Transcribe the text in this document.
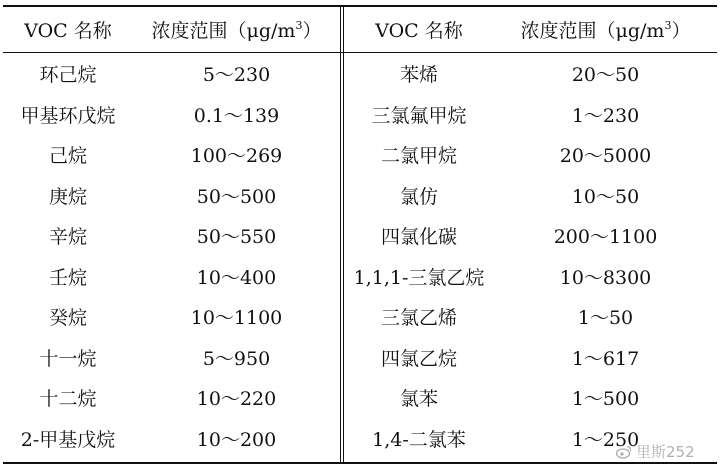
VOC 名称	浓度范围$(\mu g/m^3)$	VOC 名称	浓度范围$(\mu g/m^3)$
环己烷	5～230	苯烯	20～50
甲基环戊烷	0.1～139	三氯氟甲烷	1～230
己烷	100～269	二氯甲烷	20～5000
庚烷	50～500	氯仿	10～50
辛烷	50～550	四氯化碳	200～1100
壬烷	10～400	1,1,1-三氯乙烷	10～8300
癸烷	10～1100	三氯乙烯	1～50
十一烷	5～950	四氯乙烷	1～617
十二烷	10～220	氯苯	1～500
2-甲基戊烷	10～200	1,4-二氯苯	1～250
里斯252
